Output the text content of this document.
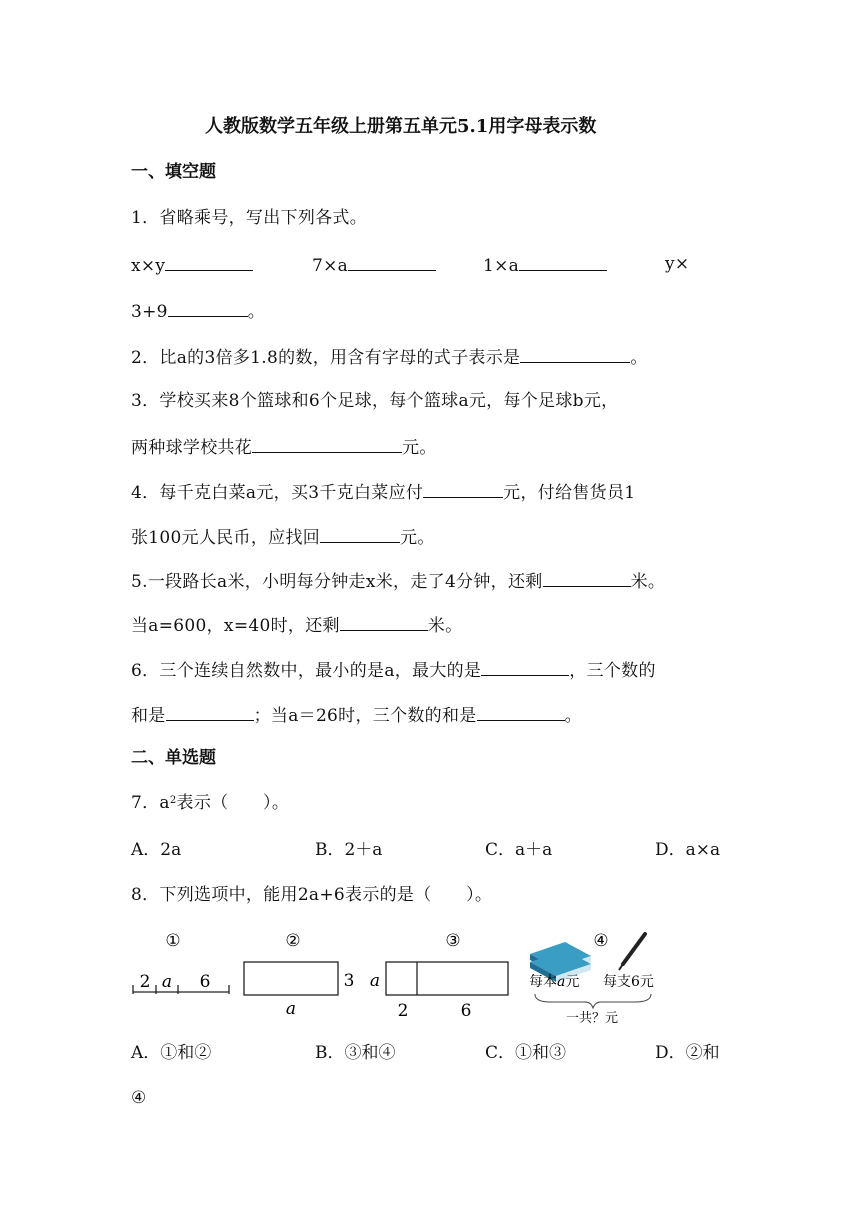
人教版数学五年级上册第五单元5.1用字母表示数
一、填空题
1．省略乘号，写出下列各式。
x×y	7×a	1×a	y×
3+9	。
2．比a的3倍多1.8的数，用含有字母的式子表示是	。
3．学校买来8个篮球和6个足球，每个篮球a元，每个足球b元，
两种球学校共花	元。
4．每千克白菜a元，买3千克白菜应付	元，付给售货员1
张100元人民币，应找回	元。
5.一段路长a米，小明每分钟走x米，走了4分钟，还剩	米。
当a=600，x=40时，还剩	米。
6．三个连续自然数中，最小的是a，最大的是	，三个数的
和是	；当a＝26时，三个数的和是	。
二、单选题
7．$a^2$表示（　　）。
A．2a	B．2＋a	C．a＋a	D．a×a
8．下列选项中，能用2a+6表示的是（　　）。
①	②	③	④
2 a 6	3
a
a
2	6
每本a元 每支6元
一共？元
A．①和②	B．③和④	C．①和③	D．②和
④
